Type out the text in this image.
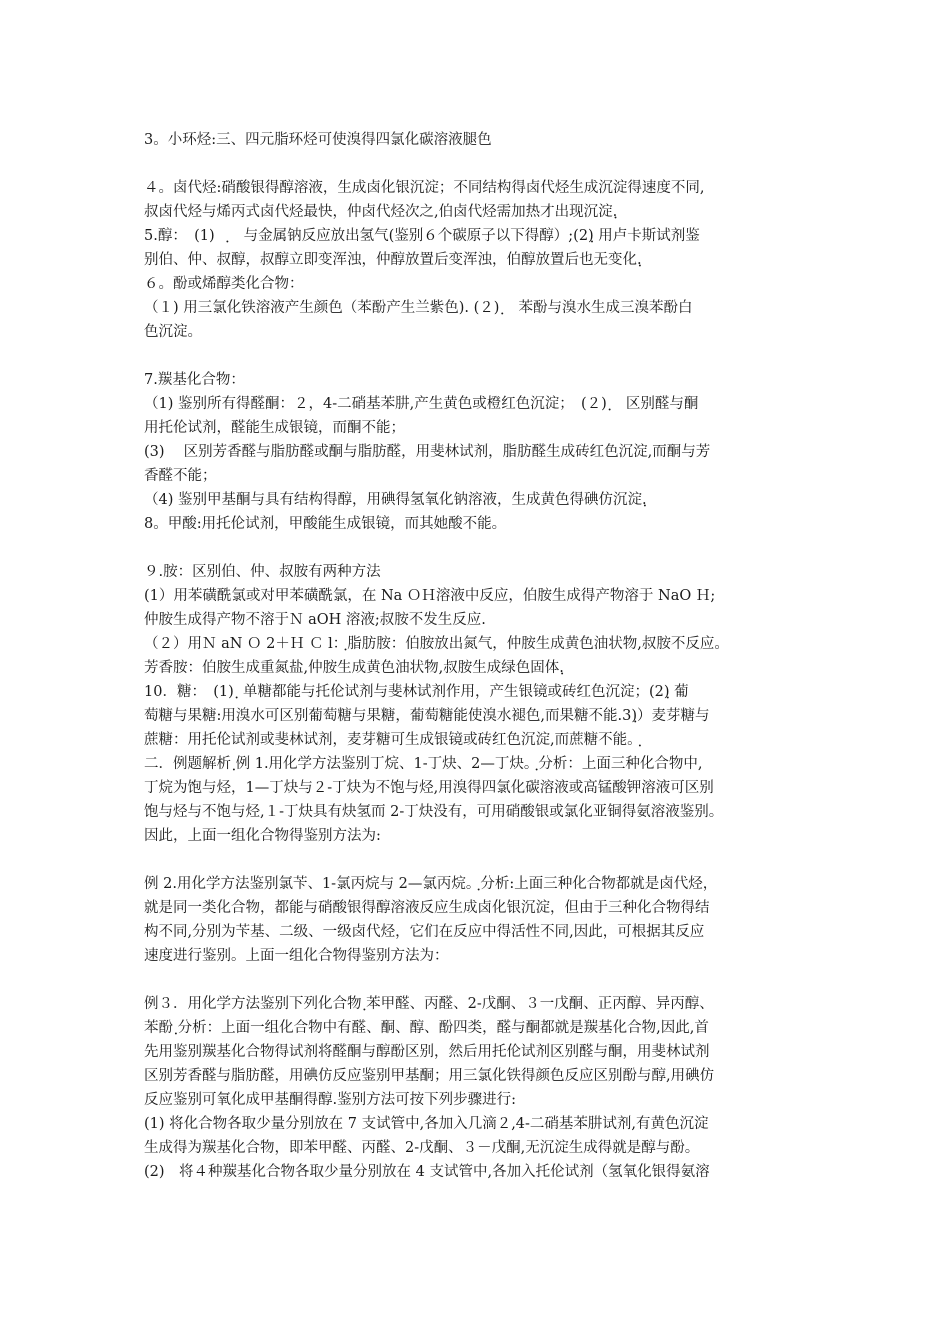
3。小环烃:三、四元脂环烃可使溴得四氯化碳溶液腿色
４。卤代烃:硝酸银得醇溶液，生成卤化银沉淀；不同结构得卤代烃生成沉淀得速度不同,
叔卤代烃与烯丙式卤代烃最快，仲卤代烃次之,伯卤代烃需加热才出现沉淀.ฺ
5.醇：　(1)　ฺ　与金属钠反应放出氢气(鉴别６个碳原子以下得醇）;(2)ฺ 用卢卡斯试剂鉴
别伯、仲、叔醇，叔醇立即变浑浊，仲醇放置后变浑浊，伯醇放置后也无变化.ฺ
６。酚或烯醇类化合物：
（１) 用三氯化铁溶液产生颜色（苯酚产生兰紫色). (２) ฺ　苯酚与溴水生成三溴苯酚白
色沉淀。
7.羰基化合物：
（1) 鉴别所有得醛酮：２，4-二硝基苯肼,产生黄色或橙红色沉淀；　(２) ฺ　区别醛与酮
用托伦试剂，醛能生成银镜，而酮不能；
(3)　 区别芳香醛与脂肪醛或酮与脂肪醛，用斐林试剂，脂肪醛生成砖红色沉淀,而酮与芳
香醛不能；
（4) 鉴别甲基酮与具有结构得醇，用碘得氢氧化钠溶液，生成黄色得碘仿沉淀.ฺ
8。甲酸:用托伦试剂，甲酸能生成银镜，而其她酸不能。
９.胺：区别伯、仲、叔胺有两种方法
(1）用苯磺酰氯或对甲苯磺酰氯，在 Na ＯＨ溶液中反应，伯胺生成得产物溶于 NaO Ｈ;
仲胺生成得产物不溶于Ｎ aOH 溶液;叔胺不发生反应.
（２）用Ｎ aN Ｏ 2＋Ｈ Ｃ l：ฺ脂肪胺：伯胺放出氮气，仲胺生成黄色油状物,叔胺不反应。
ฺ芳香胺：伯胺生成重氮盐,仲胺生成黄色油状物,叔胺生成绿色固体.ฺ
10．糖：　(1) ฺ 单糖都能与托伦试剂与斐林试剂作用，产生银镜或砖红色沉淀；(2)ฺ 葡
萄糖与果糖:用溴水可区别葡萄糖与果糖，葡萄糖能使溴水褪色,而果糖不能.3)ฺ）麦芽糖与
蔗糖：用托伦试剂或斐林试剂，麦芽糖可生成银镜或砖红色沉淀,而蔗糖不能。ฺ
二．例题解析 ฺ例 1.用化学方法鉴别丁烷、1-丁炔、2—丁炔。ฺ分析：上面三种化合物中,
丁烷为饱与烃，1—丁炔与２-丁炔为不饱与烃,用溴得四氯化碳溶液或高锰酸钾溶液可区别
饱与烃与不饱与烃,１-丁炔具有炔氢而 2-丁炔没有，可用硝酸银或氯化亚铜得氨溶液鉴别。
因此，上面一组化合物得鉴别方法为:
例 2.用化学方法鉴别氯苄、1-氯丙烷与 2—氯丙烷。ฺ分析:上面三种化合物都就是卤代烃，
就是同一类化合物，都能与硝酸银得醇溶液反应生成卤化银沉淀，但由于三种化合物得结
构不同,分别为苄基、二级、一级卤代烃，它们在反应中得活性不同,因此，可根据其反应
速度进行鉴别。上面一组化合物得鉴别方法为：
例３．用化学方法鉴别下列化合物 ฺ苯甲醛、丙醛、2-戊酮、３一戊酮、正丙醇、异丙醇、
苯酚 ฺ分析：上面一组化合物中有醛、酮、醇、酚四类，醛与酮都就是羰基化合物,因此,首
先用鉴别羰基化合物得试剂将醛酮与醇酚区别，然后用托伦试剂区别醛与酮，用斐林试剂
区别芳香醛与脂肪醛，用碘仿反应鉴别甲基酮；用三氯化铁得颜色反应区别酚与醇,用碘仿
反应鉴别可氧化成甲基酮得醇.鉴别方法可按下列步骤进行:
(1) 将化合物各取少量分别放在 7 支试管中,各加入几滴２,4-二硝基苯肼试剂,有黄色沉淀
生成得为羰基化合物，即苯甲醛、丙醛、2-戊酮、３－戊酮,无沉淀生成得就是醇与酚。
(2)　将４种羰基化合物各取少量分别放在 4 支试管中,各加入托伦试剂（氢氧化银得氨溶
